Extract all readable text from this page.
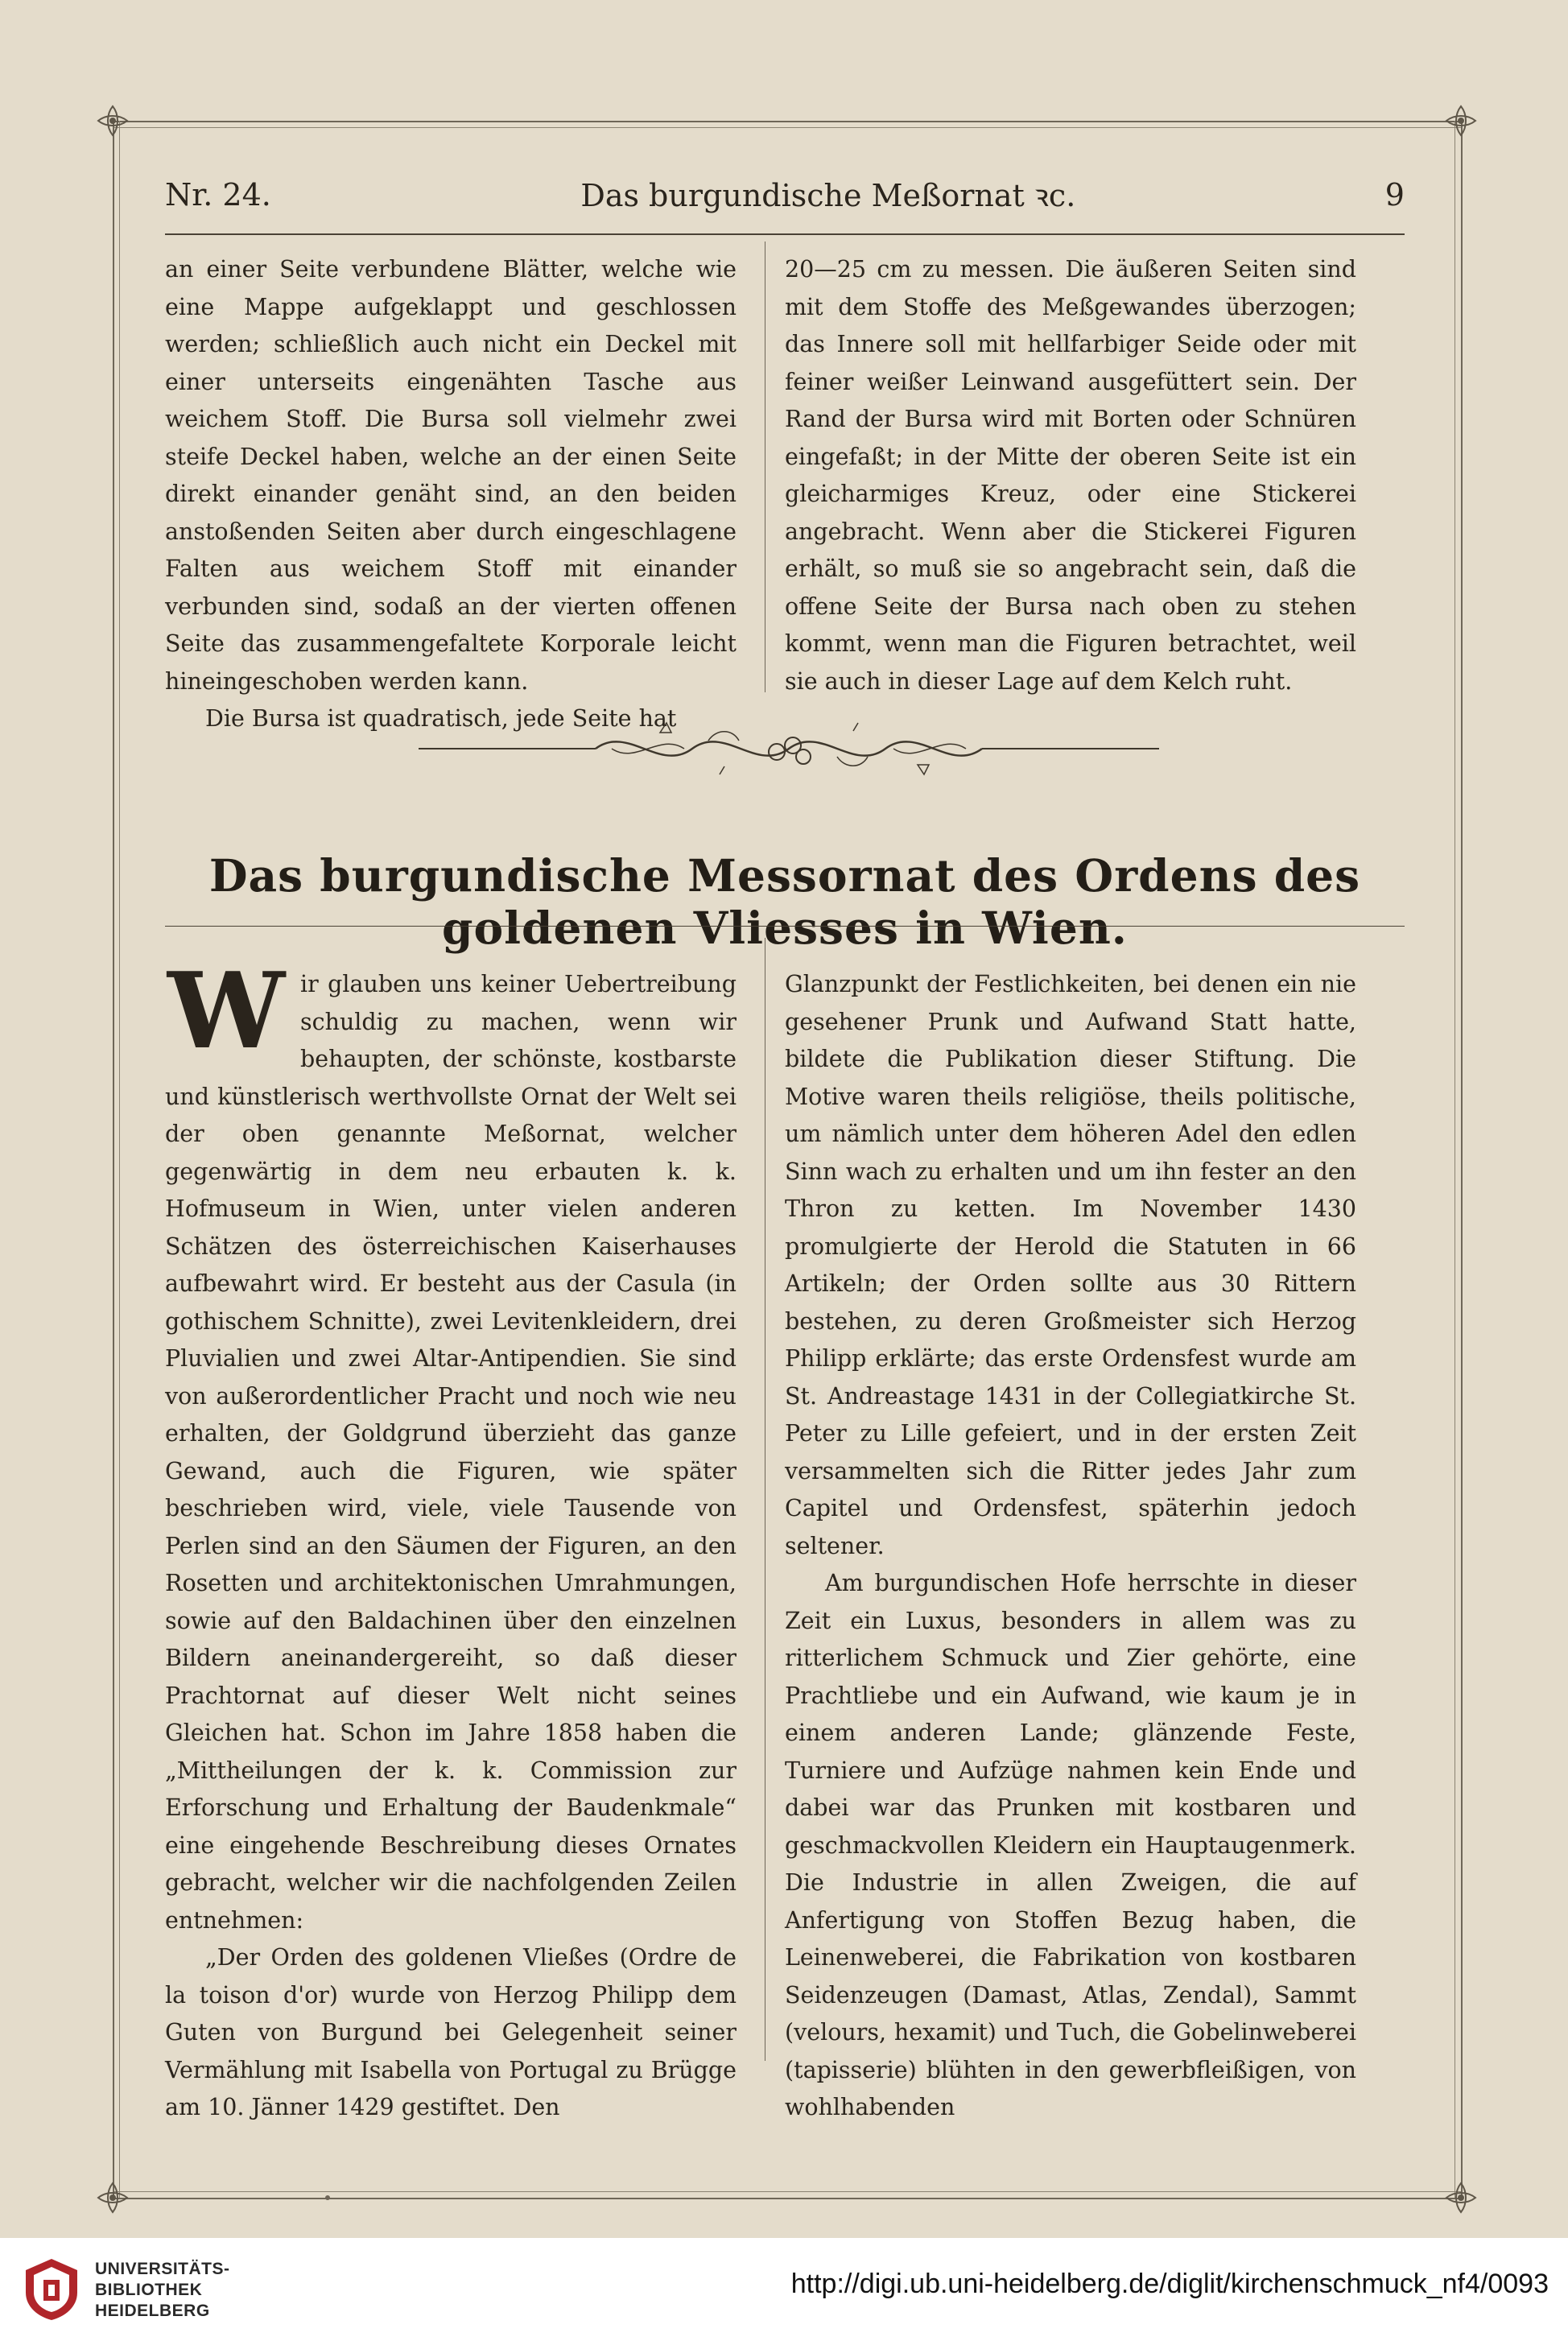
Nr. 24.	Das burgundische Meßornat ꝛc.	9

an einer Seite verbundene Blätter, welche wie eine Mappe aufgeklappt und geschlossen werden; schließlich auch nicht ein Deckel mit einer unterseits eingenähten Tasche aus weichem Stoff. Die Bursa soll vielmehr zwei steife Deckel haben, welche an der einen Seite direkt einander genäht sind, an den beiden anstoßenden Seiten aber durch eingeschlagene Falten aus weichem Stoff mit einander verbunden sind, sodaß an der vierten offenen Seite das zusammengefaltete Korporale leicht hineingeschoben werden kann.

Die Bursa ist quadratisch, jede Seite hat

20—25 cm zu messen. Die äußeren Seiten sind mit dem Stoffe des Meßgewandes überzogen; das Innere soll mit hellfarbiger Seide oder mit feiner weißer Leinwand ausgefüttert sein. Der Rand der Bursa wird mit Borten oder Schnüren eingefaßt; in der Mitte der oberen Seite ist ein gleicharmiges Kreuz, oder eine Stickerei angebracht. Wenn aber die Stickerei Figuren erhält, so muß sie so angebracht sein, daß die offene Seite der Bursa nach oben zu stehen kommt, wenn man die Figuren betrachtet, weil sie auch in dieser Lage auf dem Kelch ruht.

Das burgundische Messornat des Ordens des goldenen Vliesses in Wien.
W ir glauben uns keiner Uebertreibung schuldig zu machen, wenn wir behaupten, der schönste, kostbarste und künstlerisch werthvollste Ornat der Welt sei der oben genannte Meßornat, welcher gegenwärtig in dem neu erbauten k. k. Hofmuseum in Wien, unter vielen anderen Schätzen des österreichischen Kaiserhauses aufbewahrt wird. Er besteht aus der Casula (in gothischem Schnitte), zwei Levitenkleidern, drei Pluvialien und zwei Altar-Antipendien. Sie sind von außerordentlicher Pracht und noch wie neu erhalten, der Goldgrund überzieht das ganze Gewand, auch die Figuren, wie später beschrieben wird, viele, viele Tausende von Perlen sind an den Säumen der Figuren, an den Rosetten und architektonischen Umrahmungen, sowie auf den Baldachinen über den einzelnen Bildern aneinandergereiht, so daß dieser Prachtornat auf dieser Welt nicht seines Gleichen hat. Schon im Jahre 1858 haben die „Mittheilungen der k. k. Commission zur Erforschung und Erhaltung der Baudenkmale“ eine eingehende Beschreibung dieses Ornates gebracht, welcher wir die nachfolgenden Zeilen entnehmen:

„Der Orden des goldenen Vließes (Ordre de la toison d'or) wurde von Herzog Philipp dem Guten von Burgund bei Gelegenheit seiner Vermählung mit Isabella von Portugal zu Brügge am 10. Jänner 1429 gestiftet. Den

Glanzpunkt der Festlichkeiten, bei denen ein nie gesehener Prunk und Aufwand Statt hatte, bildete die Publikation dieser Stiftung. Die Motive waren theils religiöse, theils politische, um nämlich unter dem höheren Adel den edlen Sinn wach zu erhalten und um ihn fester an den Thron zu ketten. Im November 1430 promulgierte der Herold die Statuten in 66 Artikeln; der Orden sollte aus 30 Rittern bestehen, zu deren Großmeister sich Herzog Philipp erklärte; das erste Ordensfest wurde am St. Andreastage 1431 in der Collegiatkirche St. Peter zu Lille gefeiert, und in der ersten Zeit versammelten sich die Ritter jedes Jahr zum Capitel und Ordensfest, späterhin jedoch seltener.

Am burgundischen Hofe herrschte in dieser Zeit ein Luxus, besonders in allem was zu ritterlichem Schmuck und Zier gehörte, eine Prachtliebe und ein Aufwand, wie kaum je in einem anderen Lande; glänzende Feste, Turniere und Aufzüge nahmen kein Ende und dabei war das Prunken mit kostbaren und geschmackvollen Kleidern ein Hauptaugenmerk. Die Industrie in allen Zweigen, die auf Anfertigung von Stoffen Bezug haben, die Leinenweberei, die Fabrikation von kostbaren Seidenzeugen (Damast, Atlas, Zendal), Sammt (velours, hexamit) und Tuch, die Gobelinweberei (tapisserie) blühten in den gewerbfleißigen, von wohlhabenden

UNIVERSITÄTS-
BIBLIOTHEK
HEIDELBERG
http://digi.ub.uni-heidelberg.de/diglit/kirchenschmuck_nf4/0093
